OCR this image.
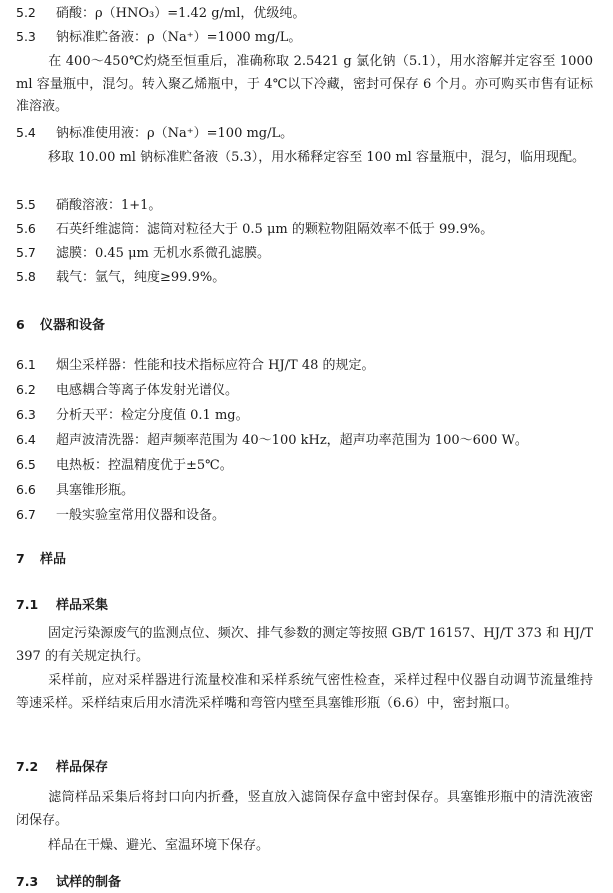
5.2 硝酸：ρ（HNO₃）=1.42 g/ml，优级纯。
5.3 钠标准贮备液：ρ（Na⁺）=1000 mg/L。
在 400～450℃灼烧至恒重后，准确称取 2.5421 g 氯化钠（5.1），用水溶解并定容至 1000 ml 容量瓶中，混匀。转入聚乙烯瓶中，于 4℃以下冷藏，密封可保存 6 个月。亦可购买市售有证标准溶液。
5.4 钠标准使用液：ρ（Na⁺）=100 mg/L。
移取 10.00 ml 钠标准贮备液（5.3），用水稀释定容至 100 ml 容量瓶中，混匀，临用现配。
5.5 硝酸溶液：1+1。
5.6 石英纤维滤筒：滤筒对粒径大于 0.5 μm 的颗粒物阻隔效率不低于 99.9%。
5.7 滤膜：0.45 μm 无机水系微孔滤膜。
5.8 载气：氩气，纯度≥99.9%。
6 仪器和设备
6.1 烟尘采样器：性能和技术指标应符合 HJ/T 48 的规定。
6.2 电感耦合等离子体发射光谱仪。
6.3 分析天平：检定分度值 0.1 mg。
6.4 超声波清洗器：超声频率范围为 40～100 kHz，超声功率范围为 100～600 W。
6.5 电热板：控温精度优于±5℃。
6.6 具塞锥形瓶。
6.7 一般实验室常用仪器和设备。
7 样品
7.1 样品采集
固定污染源废气的监测点位、频次、排气参数的测定等按照 GB/T 16157、HJ/T 373 和 HJ/T 397 的有关规定执行。
采样前，应对采样器进行流量校准和采样系统气密性检查，采样过程中仪器自动调节流量维持等速采样。采样结束后用水清洗采样嘴和弯管内壁至具塞锥形瓶（6.6）中，密封瓶口。
7.2 样品保存
滤筒样品采集后将封口向内折叠，竖直放入滤筒保存盒中密封保存。具塞锥形瓶中的清洗液密闭保存。
样品在干燥、避光、室温环境下保存。
7.3 试样的制备
